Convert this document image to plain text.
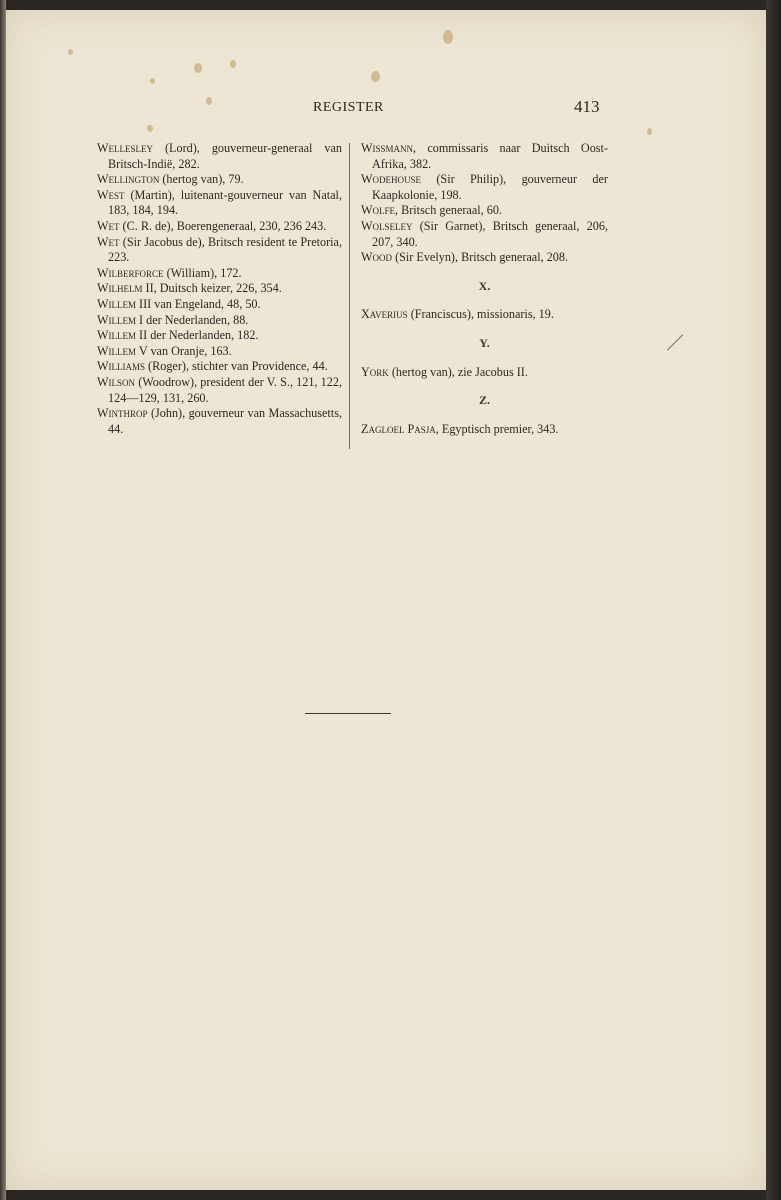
REGISTER	413

Wellesley (Lord), gouverneur-generaal van Britsch-Indië, 282.

Wellington (hertog van), 79.

West (Martin), luitenant-gouverneur van Natal, 183, 184, 194.

Wet (C. R. de), Boerengeneraal, 230, 236 243.

Wet (Sir Jacobus de), Britsch resident te Pretoria, 223.

Wilberforce (William), 172.

Wilhelm II, Duitsch keizer, 226, 354.

Willem III van Engeland, 48, 50.

Willem I der Nederlanden, 88.

Willem II der Nederlanden, 182.

Willem V van Oranje, 163.

Williams (Roger), stichter van Providence, 44.

Wilson (Woodrow), president der V. S., 121, 122, 124—129, 131, 260.

Winthrop (John), gouverneur van Massachusetts, 44.

Wissmann, commissaris naar Duitsch Oost-Afrika, 382.

Wodehouse (Sir Philip), gouverneur der Kaapkolonie, 198.

Wolfe, Britsch generaal, 60.

Wolseley (Sir Garnet), Britsch generaal, 206, 207, 340.

Wood (Sir Evelyn), Britsch generaal, 208.

X.

Xaverius (Franciscus), missionaris, 19.

Y.

York (hertog van), zie Jacobus II.

Z.

Zagloel Pasja, Egyptisch premier, 343.
